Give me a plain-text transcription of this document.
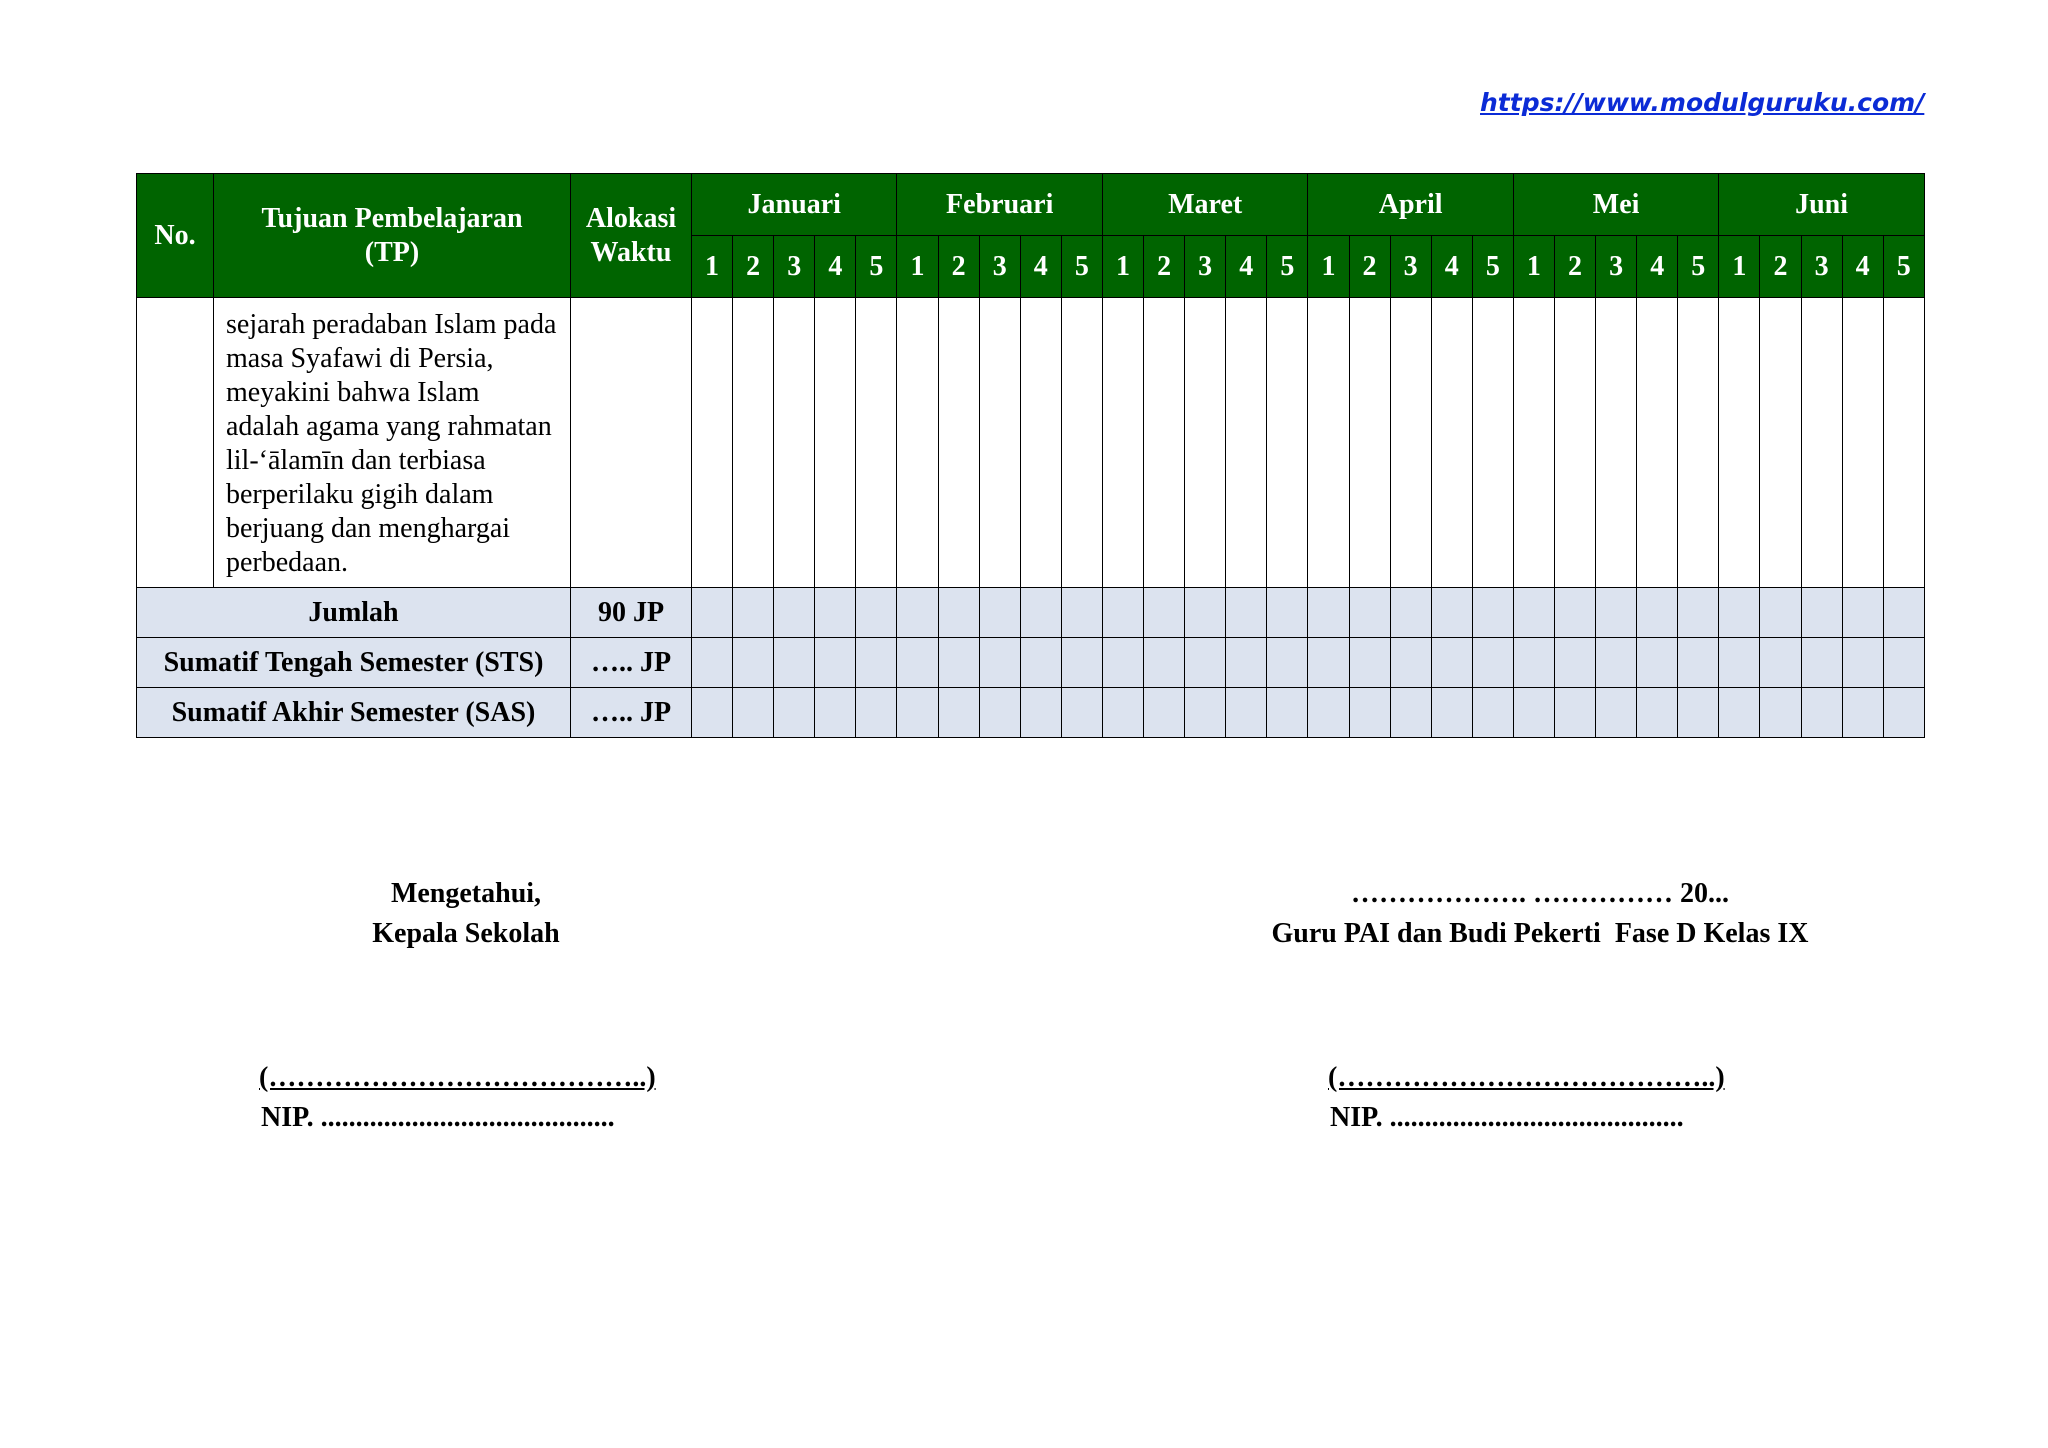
https://www.modulguruku.com/
No.	Tujuan Pembelajaran (TP)	Alokasi Waktu	Januari					Februari					Maret					April					Mei					Juni				
			1	2	3	4	5	1	2	3	4	5	1	2	3	4	5	1	2	3	4	5	1	2	3	4	5	1	2	3	4	5
	sejarah peradaban Islam pada masa Syafawi di Persia, meyakini bahwa Islam adalah agama yang rahmatan lil-‘ālamīn dan terbiasa berperilaku gigih dalam berjuang dan menghargai perbedaan.																															
Jumlah		90 JP																														
Sumatif Tengah Semester (STS)		….. JP																														
Sumatif Akhir Semester (SAS)		….. JP																														
Mengetahui,
Kepala Sekolah
(…………………………………..)
NIP. ..........................................
………………. …………… 20...
Guru PAI dan Budi Pekerti  Fase D Kelas IX
(…………………………………..)
NIP. ..........................................
